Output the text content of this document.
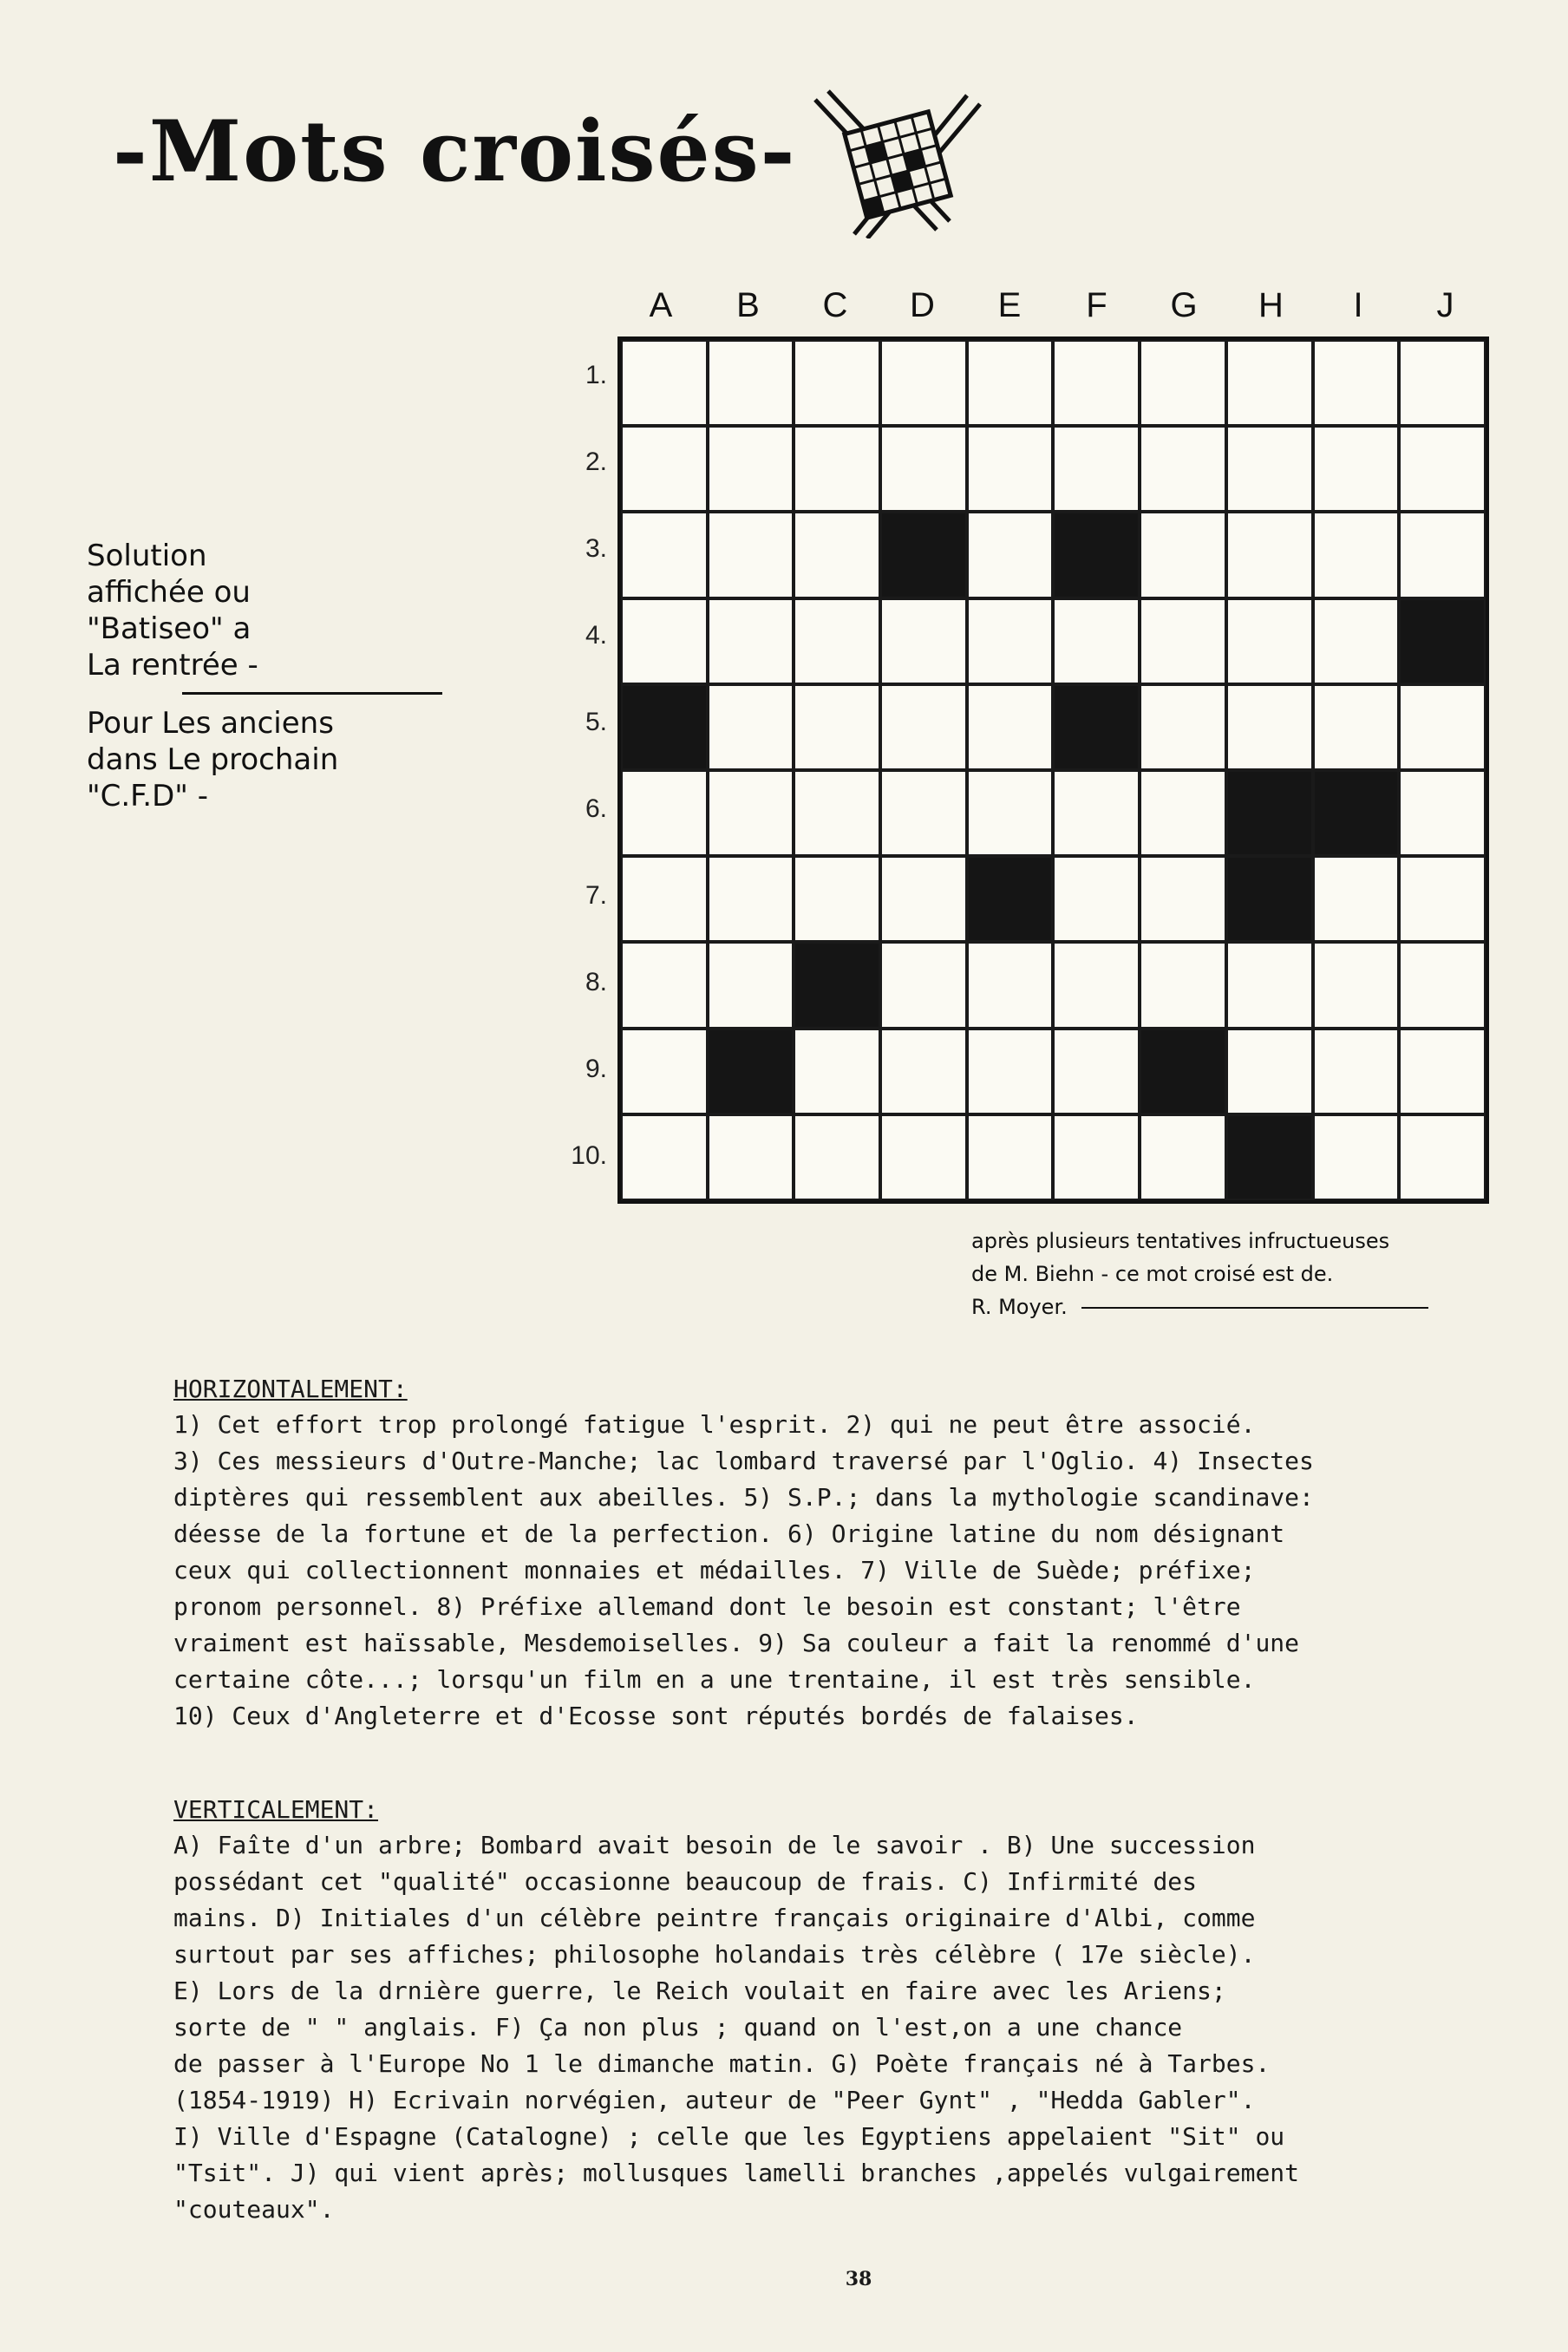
-Mots croisés-
A	B	C	D	E	F	G	H	I	J
1.
2.
3.
4.
5.
6.
7.
8.
9.
10.
Solution
affichée ou
"Batiseo" a
La rentrée -
Pour Les anciens
dans Le prochain
"C.F.D" -
après plusieurs tentatives infructueuses
de M. Biehn - ce mot croisé est de.
R. Moyer.
HORIZONTALEMENT:
1) Cet effort trop prolongé fatigue l'esprit. 2) qui ne peut être associé.
3) Ces messieurs d'Outre-Manche; lac lombard traversé par l'Oglio. 4) Insectes
diptères qui ressemblent aux abeilles. 5) S.P.; dans la mythologie scandinave:
déesse de la fortune et de la perfection. 6) Origine latine du nom désignant
ceux qui collectionnent monnaies et médailles. 7) Ville de Suède; préfixe;
pronom personnel. 8) Préfixe allemand dont le besoin est constant; l'être
vraiment est haïssable, Mesdemoiselles. 9) Sa couleur a fait la renommé d'une
certaine côte...; lorsqu'un film en a une trentaine, il est très sensible.
10) Ceux d'Angleterre et d'Ecosse sont réputés bordés de falaises.
VERTICALEMENT:
A) Faîte d'un arbre; Bombard avait besoin de le savoir . B) Une succession
possédant cet "qualité" occasionne beaucoup de frais. C) Infirmité des
mains. D) Initiales d'un célèbre peintre français originaire d'Albi, comme
surtout par ses affiches; philosophe holandais très célèbre ( 17e siècle).
E) Lors de la drnière guerre, le Reich voulait en faire avec les Ariens;
sorte de " " anglais. F) Ça non plus ; quand on l'est,on a une chance
de passer à l'Europe No 1 le dimanche matin. G) Poète français né à Tarbes.
(1854-1919) H) Ecrivain norvégien, auteur de "Peer Gynt" , "Hedda Gabler".
I) Ville d'Espagne (Catalogne) ; celle que les Egyptiens appelaient "Sit" ou
"Tsit". J) qui vient après; mollusques lamelli branches ,appelés vulgairement
"couteaux".
38
